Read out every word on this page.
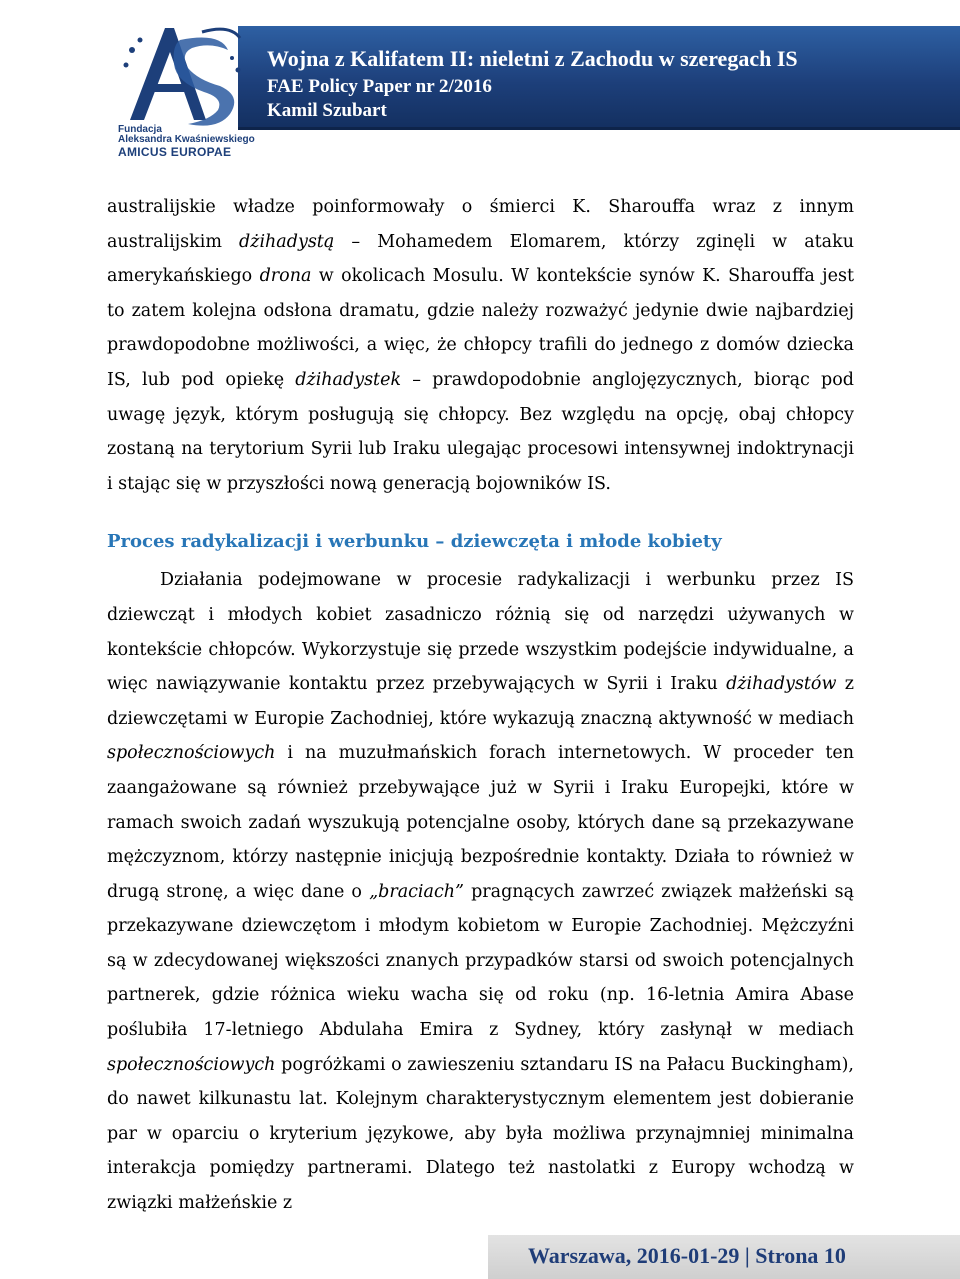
Fundacja
Aleksandra Kwaśniewskiego
AMICUS EUROPAE
Wojna z Kalifatem II: nieletni z Zachodu w szeregach IS
FAE Policy Paper nr 2/2016
Kamil Szubart

australijskie władze poinformowały o śmierci K. Sharouffa wraz z innym australijskim dżihadystą – Mohamedem Elomarem, którzy zginęli w ataku amerykańskiego drona w okolicach Mosulu. W kontekście synów K. Sharouffa jest to zatem kolejna odsłona dramatu, gdzie należy rozważyć jedynie dwie najbardziej prawdopodobne możliwości, a więc, że chłopcy trafili do jednego z domów dziecka IS, lub pod opiekę dżihadystek – prawdopodobnie anglojęzycznych, biorąc pod uwagę język, którym posługują się chłopcy. Bez względu na opcję, obaj chłopcy zostaną na terytorium Syrii lub Iraku ulegając procesowi intensywnej indoktrynacji i stając się w przyszłości nową generacją bojowników IS.

Proces radykalizacji i werbunku – dziewczęta i młode kobiety

Działania podejmowane w procesie radykalizacji i werbunku przez IS dziewcząt i młodych kobiet zasadniczo różnią się od narzędzi używanych w kontekście chłopców. Wykorzystuje się przede wszystkim podejście indywidualne, a więc nawiązywanie kontaktu przez przebywających w Syrii i Iraku dżihadystów z dziewczętami w Europie Zachodniej, które wykazują znaczną aktywność w mediach społecznościowych i na muzułmańskich forach internetowych. W proceder ten zaangażowane są również przebywające już w Syrii i Iraku Europejki, które w ramach swoich zadań wyszukują potencjalne osoby, których dane są przekazywane mężczyznom, którzy następnie inicjują bezpośrednie kontakty. Działa to również w drugą stronę, a więc dane o „braciach” pragnących zawrzeć związek małżeński są przekazywane dziewczętom i młodym kobietom w Europie Zachodniej. Mężczyźni są w zdecydowanej większości znanych przypadków starsi od swoich potencjalnych partnerek, gdzie różnica wieku wacha się od roku (np. 16-letnia Amira Abase poślubiła 17-letniego Abdulaha Emira z Sydney, który zasłynął w mediach społecznościowych pogróżkami o zawieszeniu sztandaru IS na Pałacu Buckingham), do nawet kilkunastu lat. Kolejnym charakterystycznym elementem jest dobieranie par w oparciu o kryterium językowe, aby była możliwa przynajmniej minimalna interakcja pomiędzy partnerami. Dlatego też nastolatki z Europy wchodzą w związki małżeńskie z

Warszawa, 2016-01-29 | Strona 10
